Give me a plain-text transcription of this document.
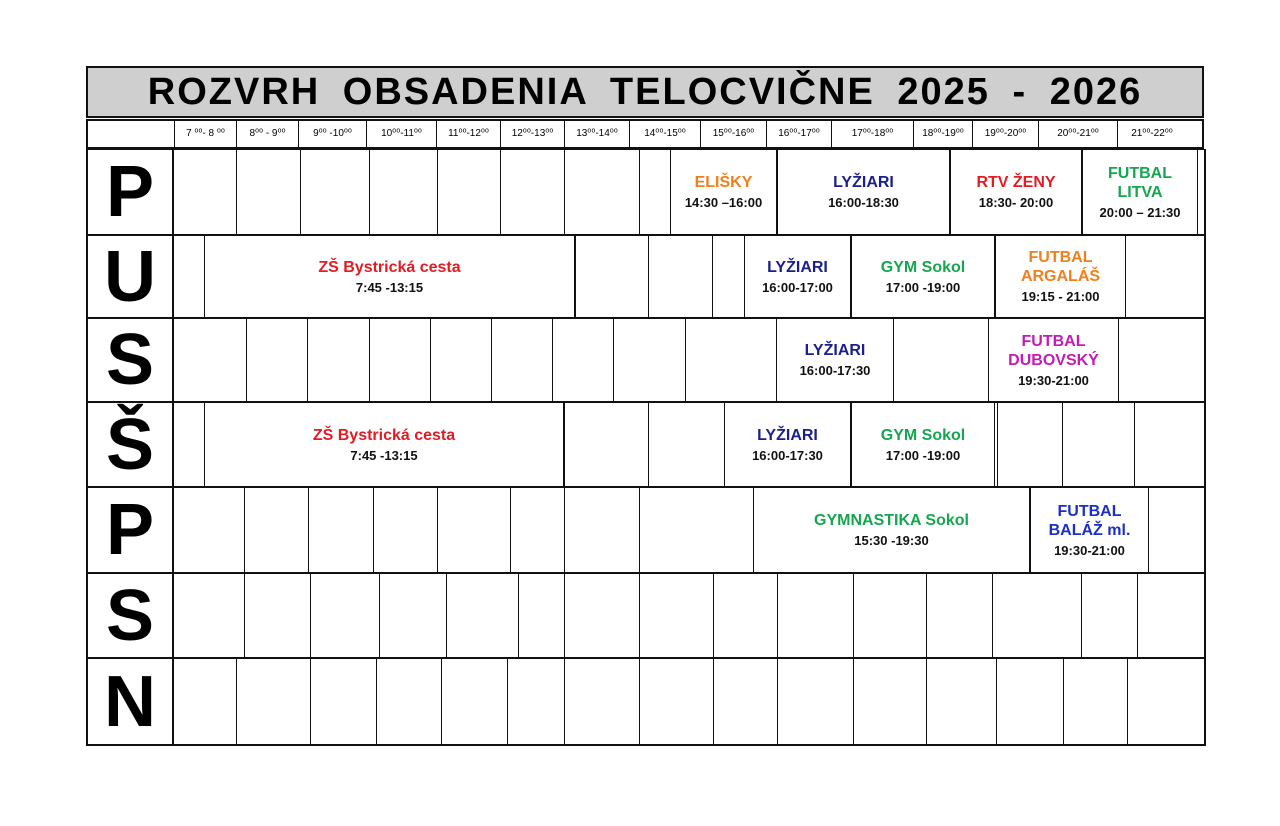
ROZVRH OBSADENIA TELOCVIČNE 2025 - 2026
7 ⁰⁰- 8 ⁰⁰	8⁰⁰ - 9⁰⁰	9⁰⁰ -10⁰⁰	10⁰⁰-11⁰⁰	11⁰⁰-12⁰⁰	12⁰⁰-13⁰⁰	13⁰⁰-14⁰⁰	14⁰⁰-15⁰⁰	15⁰⁰-16⁰⁰	16⁰⁰-17⁰⁰	17⁰⁰-18⁰⁰	18⁰⁰-19⁰⁰	19⁰⁰-20⁰⁰	20⁰⁰-21⁰⁰	21⁰⁰-22⁰⁰
P	ELIŠKY
14:30 –16:00
LYŽIARI
16:00-18:30
RTV ŽENY
18:30- 20:00
FUTBAL LITVA
20:00 – 21:30
U	ZŠ Bystrická cesta
7:45 -13:15
LYŽIARI
16:00-17:00
GYM Sokol
17:00 -19:00
FUTBAL ARGALÁŠ
19:15 - 21:00
S	LYŽIARI
16:00-17:30
FUTBAL DUBOVSKÝ
19:30-21:00
Š	ZŠ Bystrická cesta
7:45 -13:15
LYŽIARI
16:00-17:30
GYM Sokol
17:00 -19:00
P	GYMNASTIKA Sokol
15:30 -19:30
FUTBAL BALÁŽ ml.
19:30-21:00
S
N
